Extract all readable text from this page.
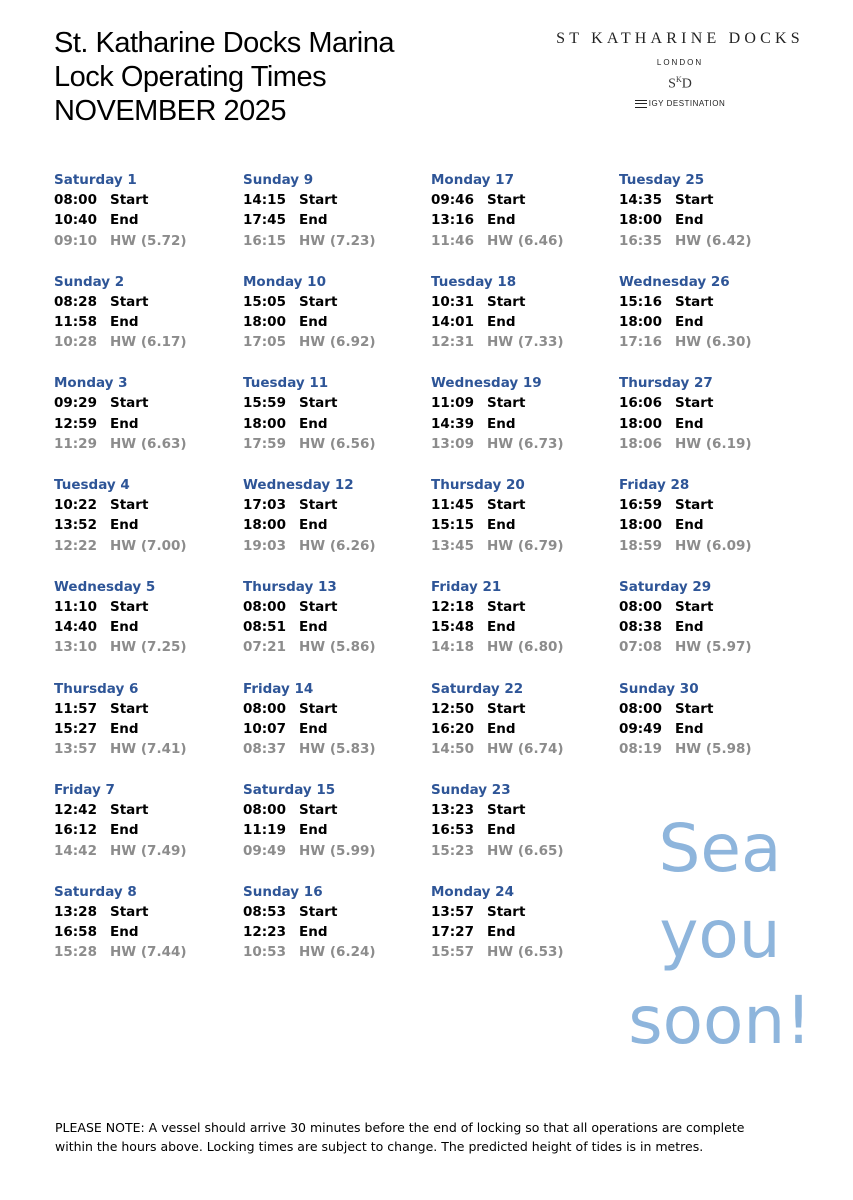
St. Katharine Docks Marina
Lock Operating Times
NOVEMBER 2025
ST KATHARINE DOCKS
LONDON
$S^KD$
IGY DESTINATION
Saturday 1
08:00 Start
10:40 End
09:10 HW (5.72)
Sunday 2
08:28 Start
11:58 End
10:28 HW (6.17)
Monday 3
09:29 Start
12:59 End
11:29 HW (6.63)
Tuesday 4
10:22 Start
13:52 End
12:22 HW (7.00)
Wednesday 5
11:10 Start
14:40 End
13:10 HW (7.25)
Thursday 6
11:57 Start
15:27 End
13:57 HW (7.41)
Friday 7
12:42 Start
16:12 End
14:42 HW (7.49)
Saturday 8
13:28 Start
16:58 End
15:28 HW (7.44)
Sunday 9
14:15 Start
17:45 End
16:15 HW (7.23)
Monday 10
15:05 Start
18:00 End
17:05 HW (6.92)
Tuesday 11
15:59 Start
18:00 End
17:59 HW (6.56)
Wednesday 12
17:03 Start
18:00 End
19:03 HW (6.26)
Thursday 13
08:00 Start
08:51 End
07:21 HW (5.86)
Friday 14
08:00 Start
10:07 End
08:37 HW (5.83)
Saturday 15
08:00 Start
11:19 End
09:49 HW (5.99)
Sunday 16
08:53 Start
12:23 End
10:53 HW (6.24)
Monday 17
09:46 Start
13:16 End
11:46 HW (6.46)
Tuesday 18
10:31 Start
14:01 End
12:31 HW (7.33)
Wednesday 19
11:09 Start
14:39 End
13:09 HW (6.73)
Thursday 20
11:45 Start
15:15 End
13:45 HW (6.79)
Friday 21
12:18 Start
15:48 End
14:18 HW (6.80)
Saturday 22
12:50 Start
16:20 End
14:50 HW (6.74)
Sunday 23
13:23 Start
16:53 End
15:23 HW (6.65)
Monday 24
13:57 Start
17:27 End
15:57 HW (6.53)
Tuesday 25
14:35 Start
18:00 End
16:35 HW (6.42)
Wednesday 26
15:16 Start
18:00 End
17:16 HW (6.30)
Thursday 27
16:06 Start
18:00 End
18:06 HW (6.19)
Friday 28
16:59 Start
18:00 End
18:59 HW (6.09)
Saturday 29
08:00 Start
08:38 End
07:08 HW (5.97)
Sunday 30
08:00 Start
09:49 End
08:19 HW (5.98)
Sea
you
soon!
PLEASE NOTE: A vessel should arrive 30 minutes before the end of locking so that all operations are complete within the hours above. Locking times are subject to change. The predicted height of tides is in metres.
